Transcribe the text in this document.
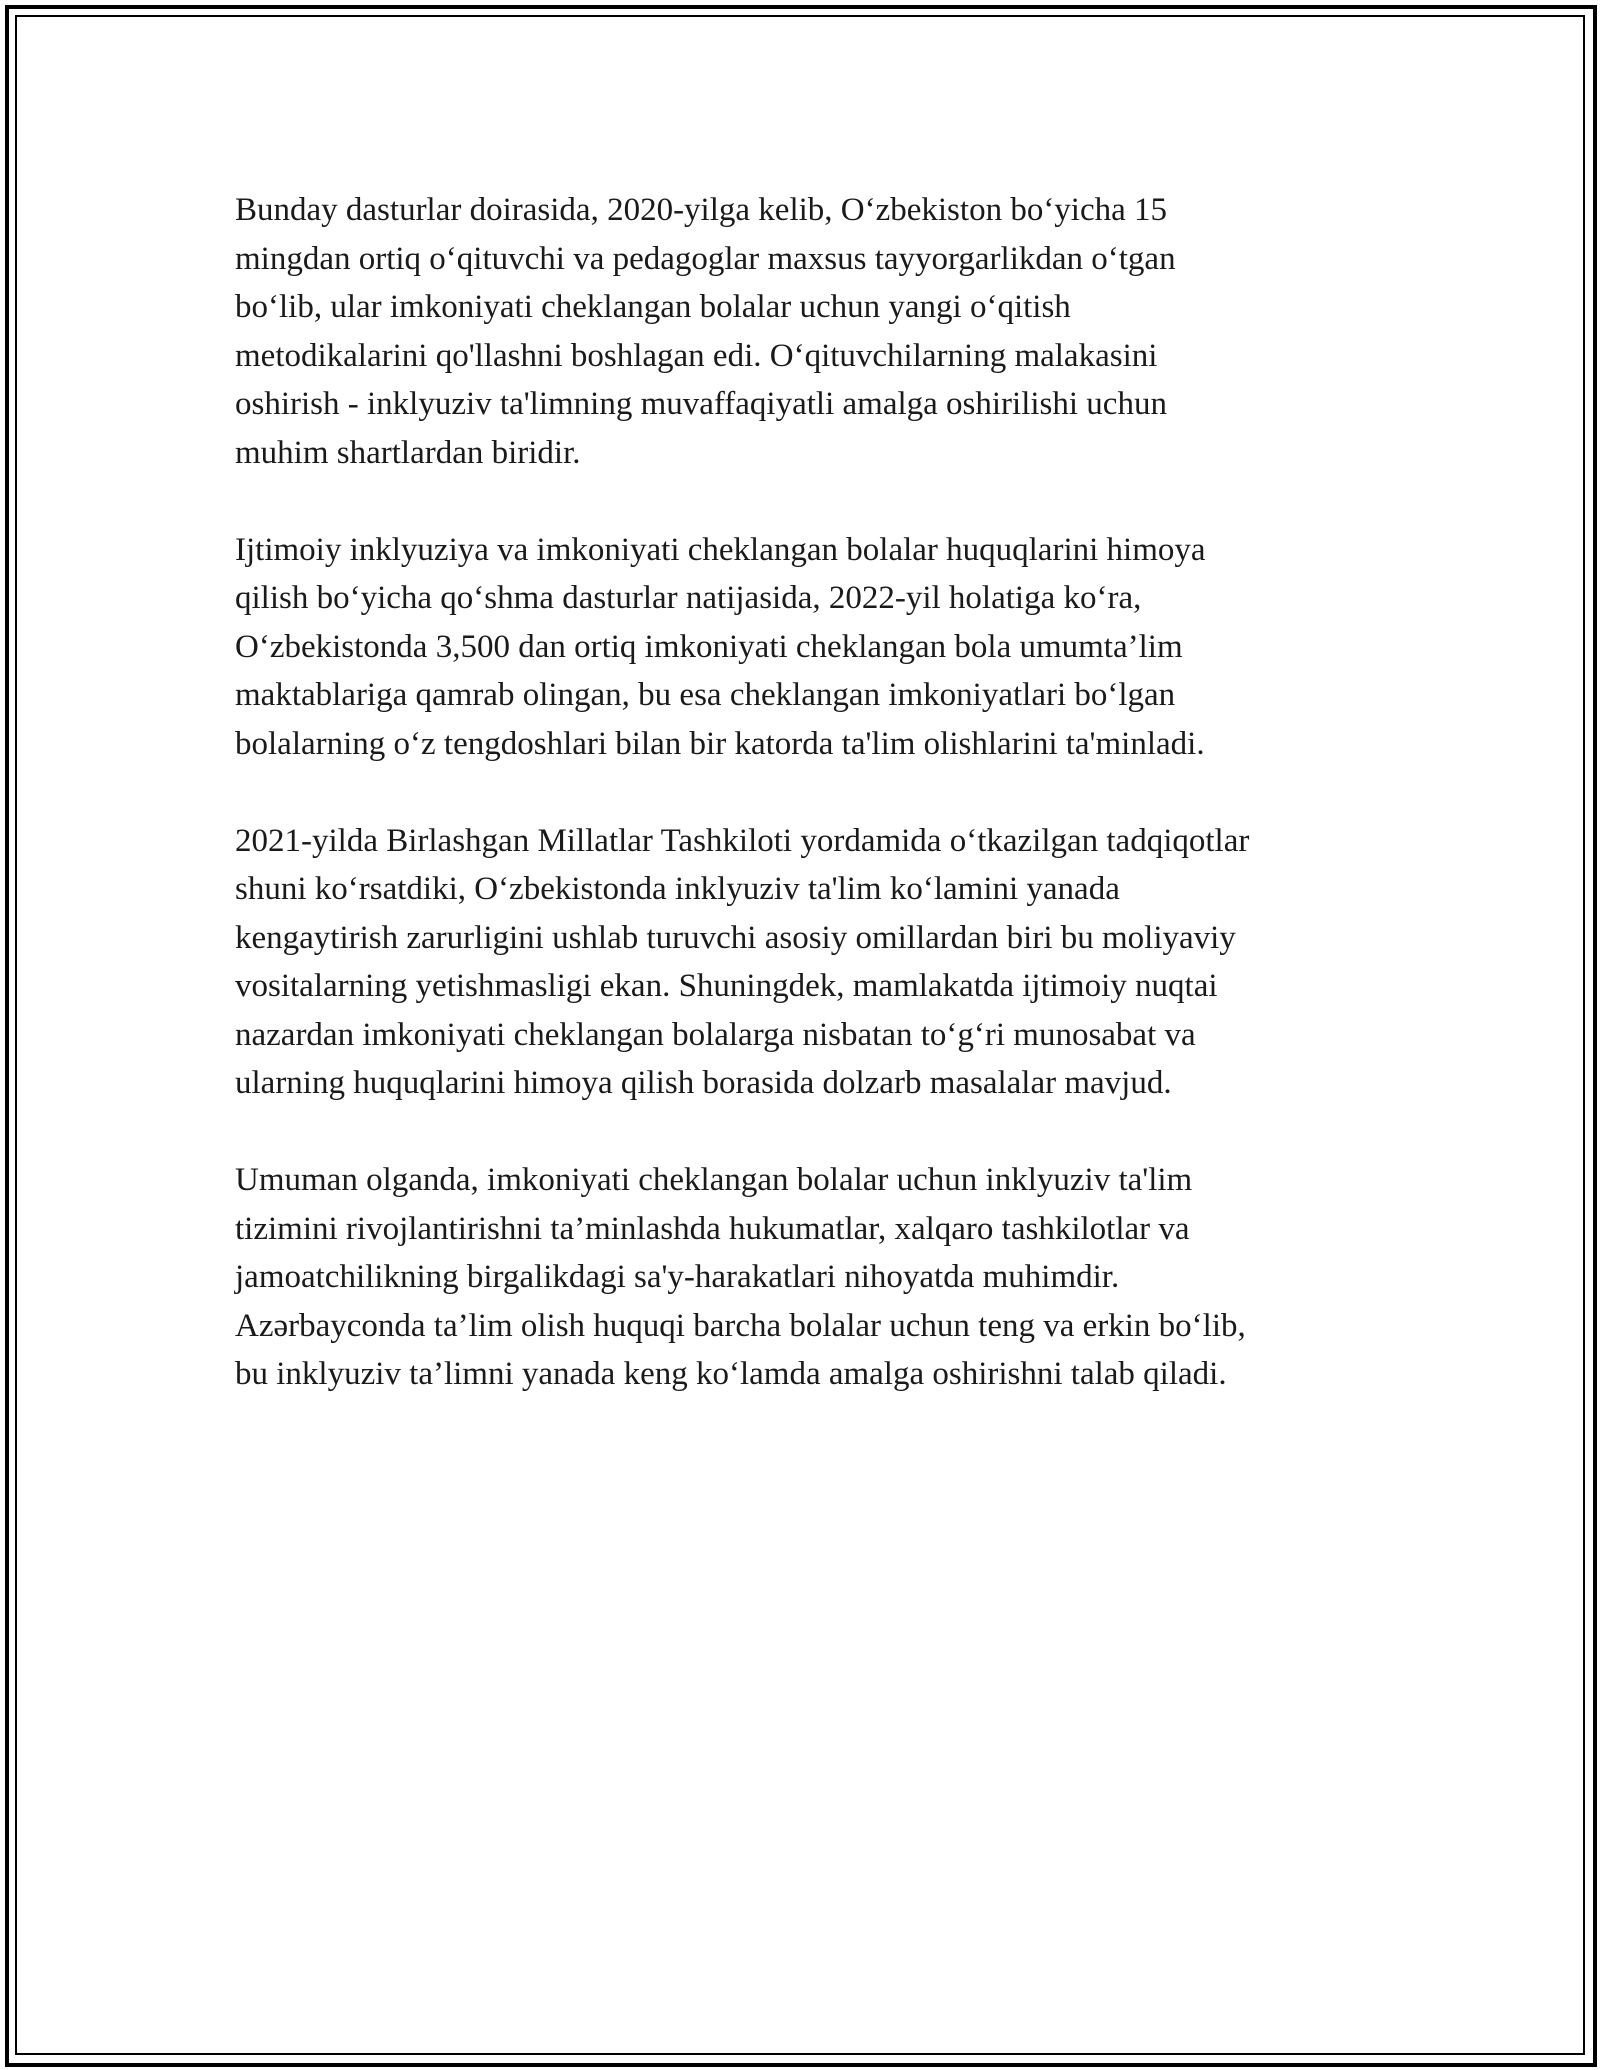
Bunday dasturlar doirasida, 2020-yilga kelib, O‘zbekiston bo‘yicha 15
mingdan ortiq o‘qituvchi va pedagoglar maxsus tayyorgarlikdan o‘tgan
bo‘lib, ular imkoniyati cheklangan bolalar uchun yangi o‘qitish
metodikalarini qo'llashni boshlagan edi. O‘qituvchilarning malakasini
oshirish - inklyuziv ta'limning muvaffaqiyatli amalga oshirilishi uchun
muhim shartlardan biridir.

Ijtimoiy inklyuziya va imkoniyati cheklangan bolalar huquqlarini himoya
qilish bo‘yicha qo‘shma dasturlar natijasida, 2022-yil holatiga ko‘ra,
O‘zbekistonda 3,500 dan ortiq imkoniyati cheklangan bola umumta’lim
maktablariga qamrab olingan, bu esa cheklangan imkoniyatlari bo‘lgan
bolalarning o‘z tengdoshlari bilan bir katorda ta'lim olishlarini ta'minladi.

2021-yilda Birlashgan Millatlar Tashkiloti yordamida o‘tkazilgan tadqiqotlar
shuni ko‘rsatdiki, O‘zbekistonda inklyuziv ta'lim ko‘lamini yanada
kengaytirish zarurligini ushlab turuvchi asosiy omillardan biri bu moliyaviy
vositalarning yetishmasligi ekan. Shuningdek, mamlakatda ijtimoiy nuqtai
nazardan imkoniyati cheklangan bolalarga nisbatan to‘g‘ri munosabat va
ularning huquqlarini himoya qilish borasida dolzarb masalalar mavjud.

Umuman olganda, imkoniyati cheklangan bolalar uchun inklyuziv ta'lim
tizimini rivojlantirishni ta’minlashda hukumatlar, xalqaro tashkilotlar va
jamoatchilikning birgalikdagi sa'y-harakatlari nihoyatda muhimdir.
Azərbayconda ta’lim olish huquqi barcha bolalar uchun teng va erkin bo‘lib,
bu inklyuziv ta’limni yanada keng ko‘lamda amalga oshirishni talab qiladi.
